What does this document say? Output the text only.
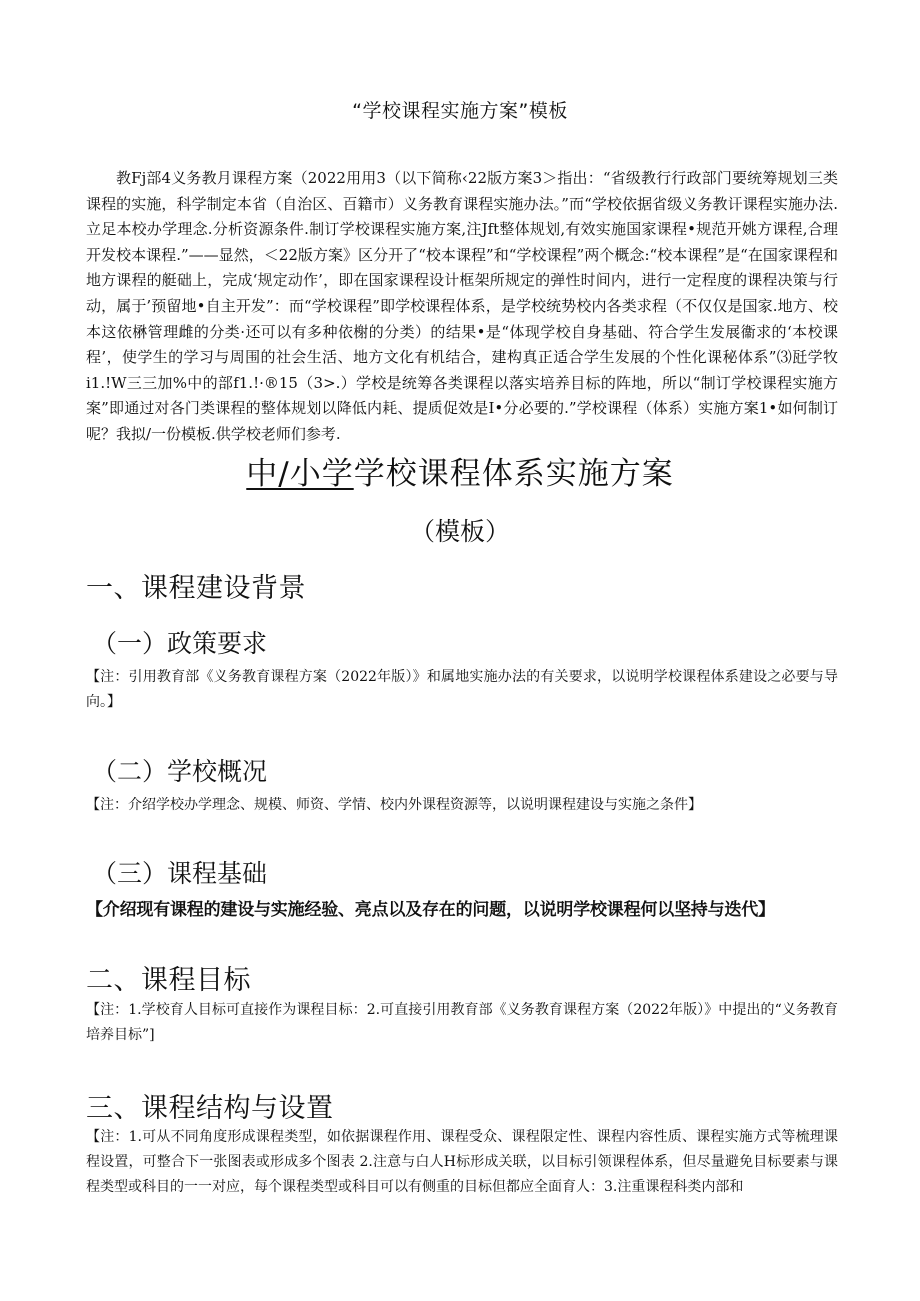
“学校课程实施方案”模板

教Fj部4义务教月课程方案（2022用用3（以下简称‹22版方案3＞指出：“省级教行行政部门要统筹规划三类课程的实施，科学制定本省（自治区、百籍市）义务教育课程实施办法。”而“学校依据省级义务教讦课程实施办法.立足本校办学理念.分析资源条件.制订学校课程实施方案,注Jft整体规划,有效实施国家课程•规范开姚方课程,合理开发校本课程.”——显然，＜22版方案》区分开了“校本课程”和“学校课程”两个概念:“校本课程”是“在国家课程和地方课程的艇础上，完成‘规定动作’，即在国家课程设计框架所规定的弹性时间内，进行一定程度的课程决策与行动，属于’预留地•自主开发”：而“学校课程”即学校课程体系，是学校统势校内各类求程（不仅仅是国家.地方、校本这依楙管理雌的分类·还可以有多种依榭的分类）的结果•是“体现学校自身基础、符合学生发展衞求的‘本校课程’，使学生的学习与周围的社会生活、地方文化有机结合，建构真正适合学生发展的个性化课秘体系”⑶瓩学牧i1.!W三三加%中的部f1.!·®15（3>.）学校是统筹各类课程以落实培养目标的阵地，所以“制订学校课程实施方案”即通过对各门类课程的整体规划以降低内耗、提质促效是I•分必要的.”学校课程（体系）实施方案1•如何制订呢？我拟/一份模板.供学校老师们参考.

中/小学学校课程体系实施方案
（模板）
一、课程建设背景
（一）政策要求

【注：引用教育部《义务教育课程方案（2022年版）》和属地实施办法的有关要求，以说明学校课程体系建设之必要与导向。】

（二）学校概况

【注：介绍学校办学理念、规模、师资、学情、校内外课程资源等，以说明课程建设与实施之条件】

（三）课程基础
【介绍现有课程的建设与实施经验、亮点以及存在的问题，以说明学校课程何以坚持与迭代】
二、课程目标

【注：1.学校育人目标可直接作为课程目标：2.可直接引用教育部《义务教育课程方案（2022年版）》中提出的“义务教育培养目标”]

三、课程结构与设置

【注：1.可从不同角度形成课程类型，如依据课程作用、课程受众、课程限定性、课程内容性质、课程实施方式等梳理课程设置，可整合下一张图表或形成多个图表 2.注意与白人H标形成关联，以目标引领课程体系，但尽量避免目标要素与课程类型或科目的一一对应，每个课程类型或科目可以有侧重的目标但都应全面育人：3.注重课程科类内部和
